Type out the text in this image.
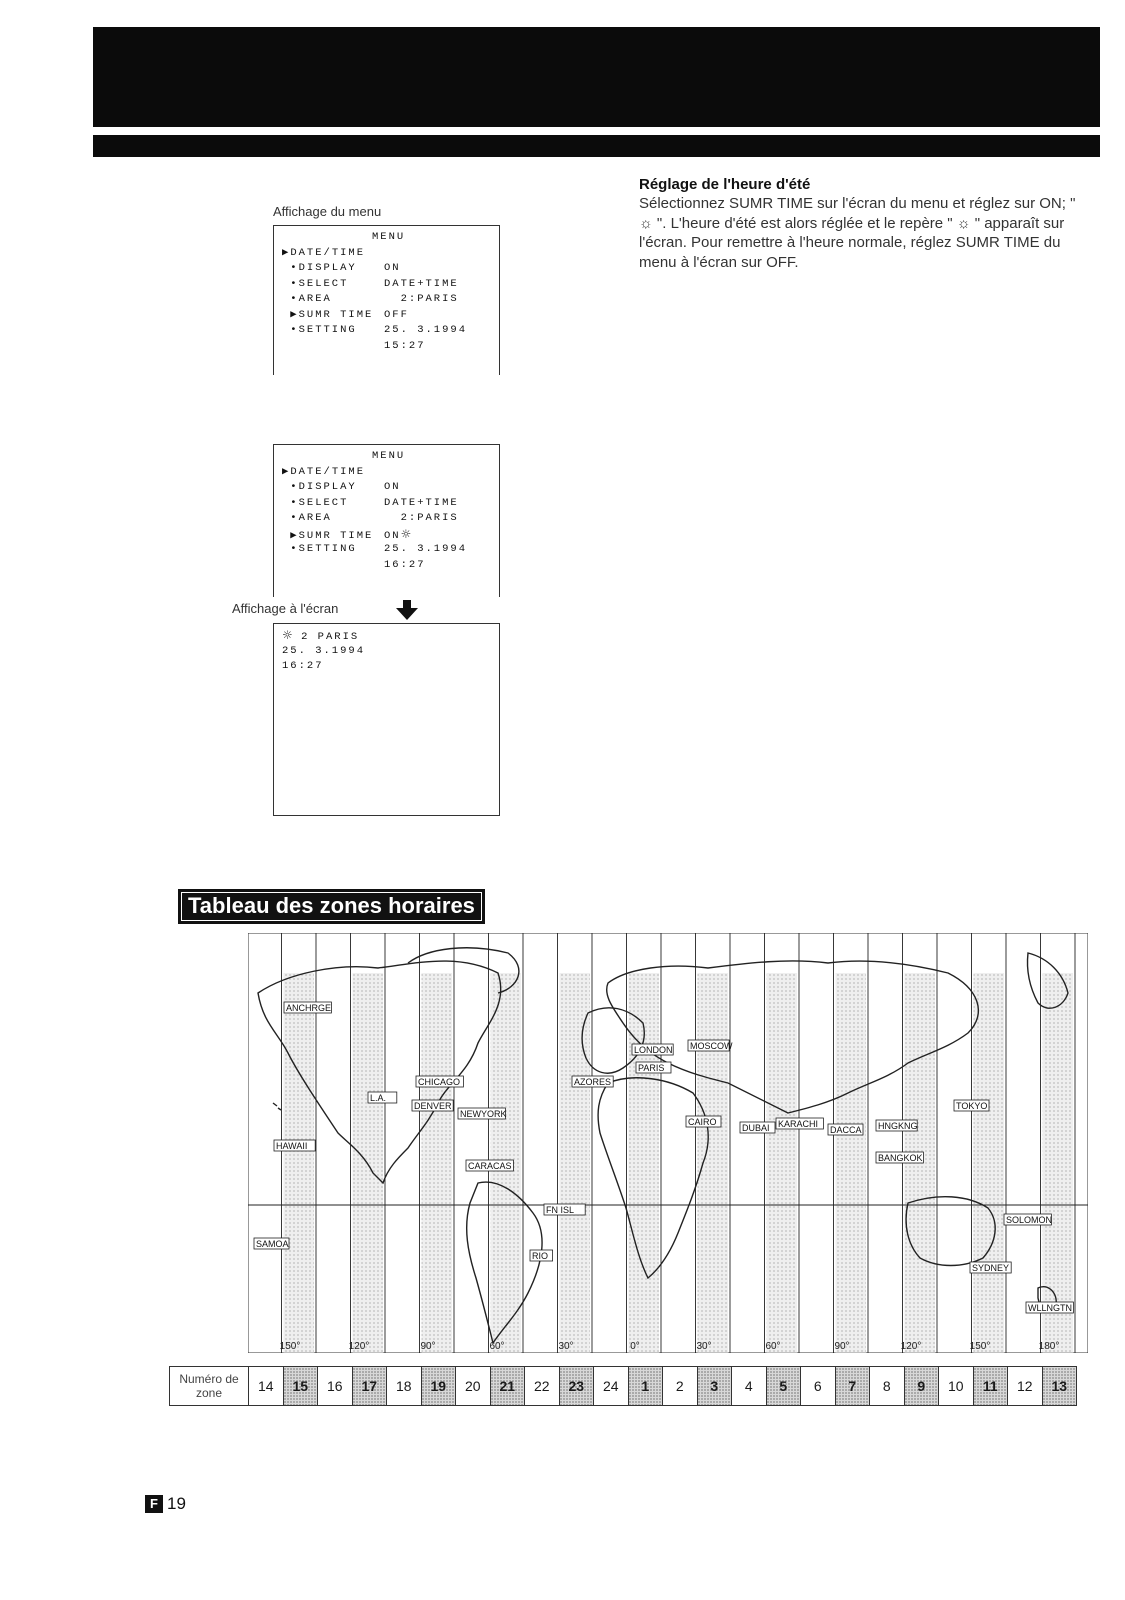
Affichage du menu
MENU
▶DATE/TIME
•DISPLAY	ON
•SELECT	DATE+TIME
•AREA	2:PARIS
▶SUMR TIME OFF
•SETTING	25. 3.1994
15:27
MENU
▶DATE/TIME
•DISPLAY	ON
•SELECT	DATE+TIME
•AREA	2:PARIS
▶SUMR TIME ON☼
•SETTING	25. 3.1994
16:27
Affichage à l'écran
☼ 2 PARIS
25. 3.1994
16:27
Réglage de l'heure d'été
Sélectionnez SUMR TIME sur l'écran du menu et réglez sur ON; " ☼ ". L'heure d'été est alors réglée et le repère " ☼ " apparaît sur l'écran. Pour remettre à l'heure normale, réglez SUMR TIME du menu à l'écran sur OFF.
Tableau des zones horaires
ANCHRGE
L.A.
CHICAGO
DENVER
NEWYORK
HAWAII
CARACAS
SAMOA
RIO
FN ISL
AZORES
LONDON
PARIS
MOSCOW
CAIRO
DUBAI KARACHI
DACCA HNGKNG
TOKYO
BANGKOK
SOLOMON
SYDNEY
WLLNGTN
150°	120°	90°	60°	30°	0°	30°	60°	90°	120°	150°	180°
Numéro de zone	14	15	16	17	18	19	20	21	22	23	24	1	2	3	4	5	6	7	8	9	10	11	12	13
F 19
